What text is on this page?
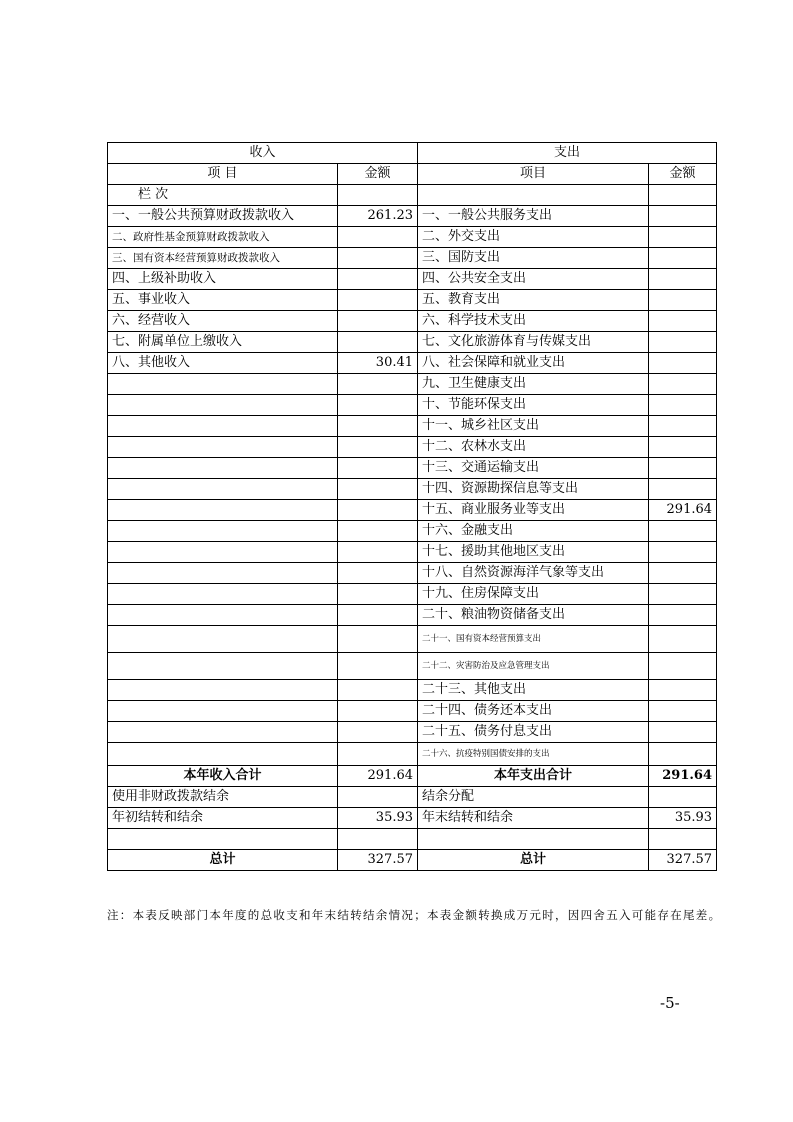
收入		支出	
项 目	金额	项目	金额
栏 次			
一、一般公共预算财政拨款收入	261.23	一、一般公共服务支出	
二、政府性基金预算财政拨款收入		二、外交支出	
三、国有资本经营预算财政拨款收入		三、国防支出	
四、上级补助收入		四、公共安全支出	
五、事业收入		五、教育支出	
六、经营收入		六、科学技术支出	
七、附属单位上缴收入		七、文化旅游体育与传媒支出	
八、其他收入	30.41	八、社会保障和就业支出	
		九、卫生健康支出	
		十、节能环保支出	
		十一、城乡社区支出	
		十二、农林水支出	
		十三、交通运输支出	
		十四、资源勘探信息等支出	
		十五、商业服务业等支出	291.64
		十六、金融支出	
		十七、援助其他地区支出	
		十八、自然资源海洋气象等支出	
		十九、住房保障支出	
		二十、粮油物资储备支出	
		二十一、国有资本经营预算支出	
		二十二、灾害防治及应急管理支出	
		二十三、其他支出	
		二十四、债务还本支出	
		二十五、债务付息支出	
		二十六、抗疫特别国债安排的支出	
本年收入合计	291.64	本年支出合计	291.64
使用非财政拨款结余		结余分配	
年初结转和结余	35.93	年末结转和结余	35.93

总计	327.57	总计	327.57
注：本表反映部门本年度的总收支和年末结转结余情况；本表金额转换成万元时，因四舍五入可能存在尾差。
-5-
